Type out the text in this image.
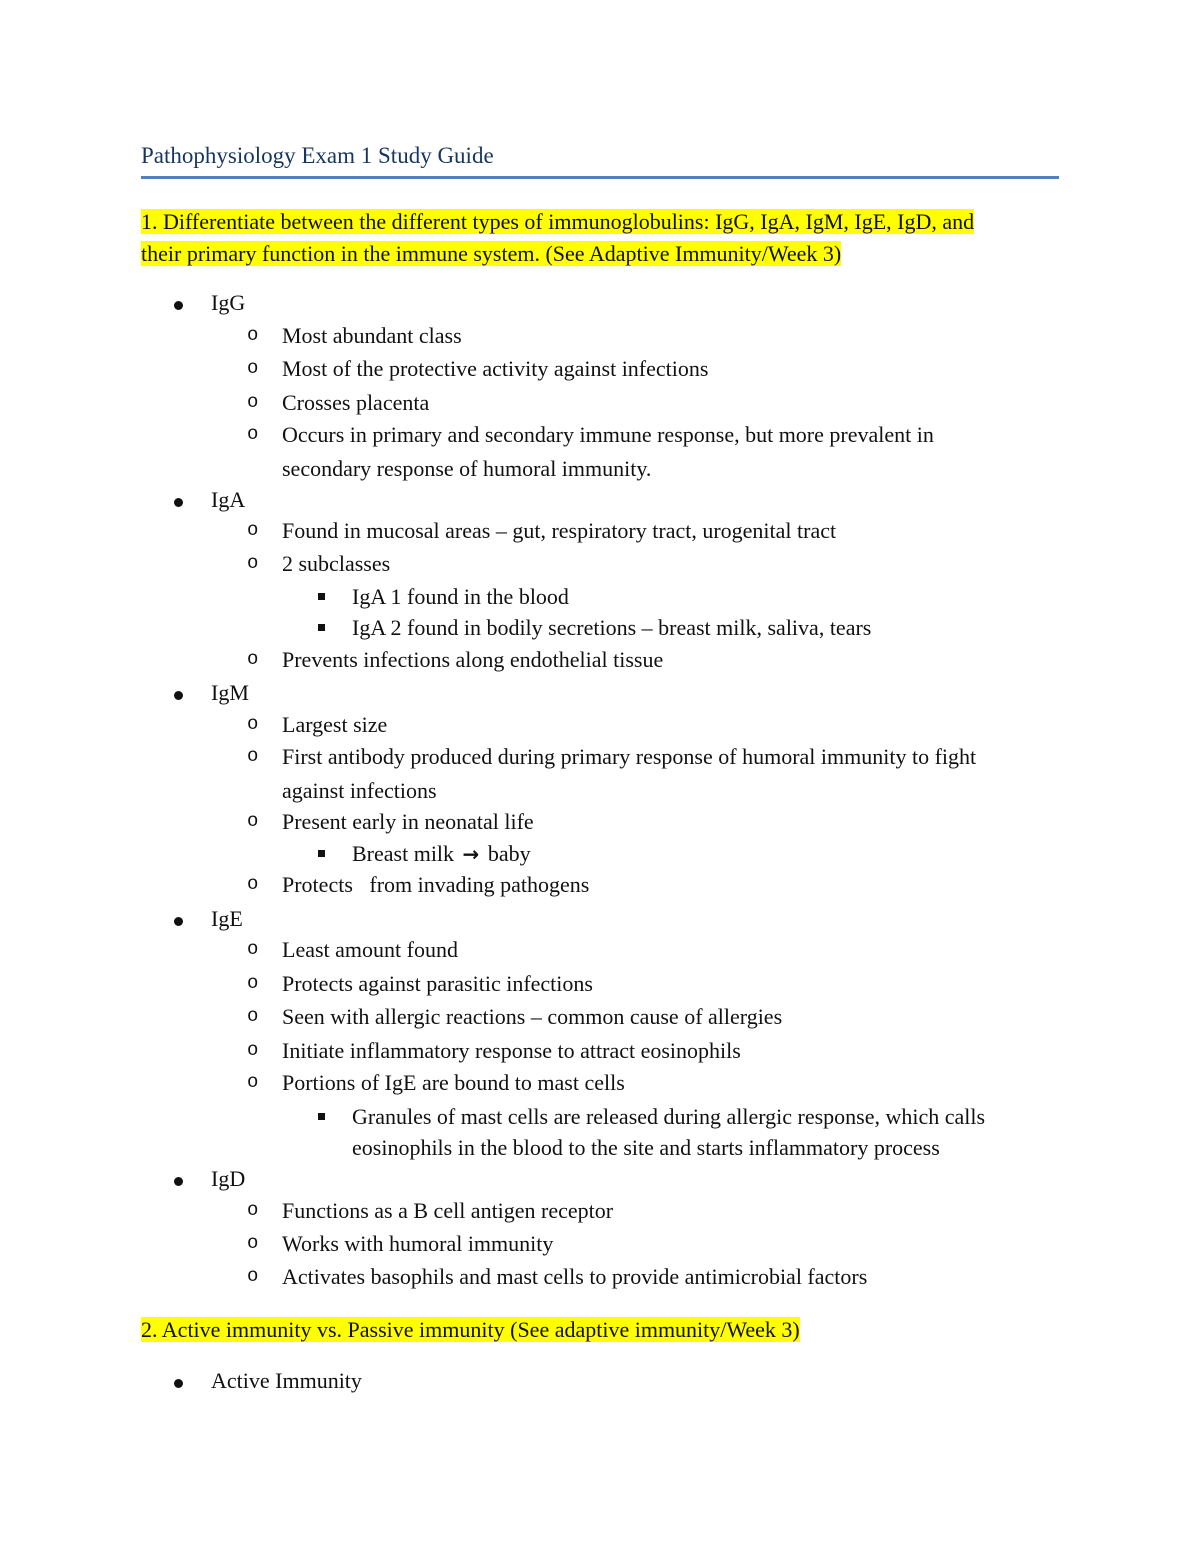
Pathophysiology Exam 1 Study Guide
1. Differentiate between the different types of immunoglobulins: IgG, IgA, IgM, IgE, IgD, and
their primary function in the immune system. (See Adaptive Immunity/Week 3)
IgG
o Most abundant class
o Most of the protective activity against infections
o Crosses placenta
o Occurs in primary and secondary immune response, but more prevalent in
secondary response of humoral immunity.
IgA
o Found in mucosal areas – gut, respiratory tract, urogenital tract
o 2 subclasses
IgA 1 found in the blood
IgA 2 found in bodily secretions – breast milk, saliva, tears
o Prevents infections along endothelial tissue
IgM
o Largest size
o First antibody produced during primary response of humoral immunity to fight
against infections
o Present early in neonatal life
Breast milk → baby
o Protects   from invading pathogens
IgE
o Least amount found
o Protects against parasitic infections
o Seen with allergic reactions – common cause of allergies
o Initiate inflammatory response to attract eosinophils
o Portions of IgE are bound to mast cells
Granules of mast cells are released during allergic response, which calls
eosinophils in the blood to the site and starts inflammatory process
IgD
o Functions as a B cell antigen receptor
o Works with humoral immunity
o Activates basophils and mast cells to provide antimicrobial factors
2. Active immunity vs. Passive immunity (See adaptive immunity/Week 3)
Active Immunity
